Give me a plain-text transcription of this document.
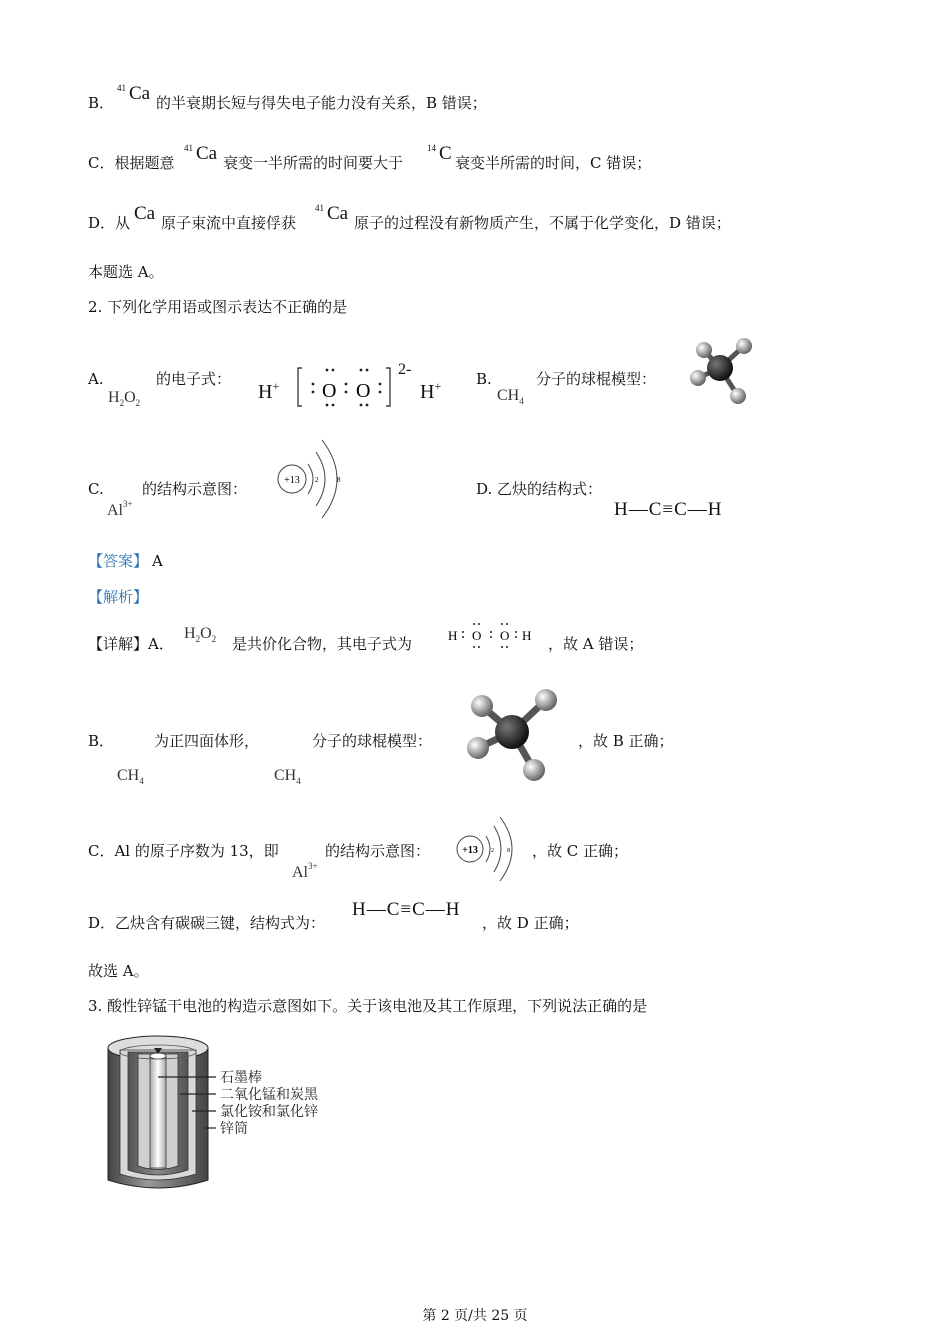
B．
41 Ca 的半衰期长短与得失电子能力没有关系，B 错误；
C．根据题意
41 Ca 衰变一半所需的时间要大于
14 C 衰变半所需的时间，C 错误；
D．从 Ca 原子束流中直接俘获
41 Ca 原子的过程没有新物质产生，不属于化学变化，D 错误；
本题选 A。
2. 下列化学用语或图示表达不正确的是
A.
$H_2O_2$
的电子式：
H+ O O
2-
H+ B.
$CH_4$
分子的球棍模型：
C.
$Al^{3+}$
的结构示意图：	+13 2	8	D. 乙炔的结构式：
H—C≡C—H
【答案】 A
【解析】
【详解】A．
$H_2O_2$ 是共价化合物，其电子式为	H O O H ，故 A 错误；
B．
$CH_4$
为正四面体形，
$CH_4$
分子的球棍模型：	，故 B 正确；
C．Al 的原子序数为 13，即
$Al^{3+}$
的结构示意图：	+13 2 8 ，故 C 正确；
D．乙炔含有碳碳三键，结构式为：
H—C≡C—H
，故 D 正确；
故选 A。
3. 酸性锌锰干电池的构造示意图如下。关于该电池及其工作原理，下列说法正确的是
石墨棒
二氧化锰和炭黑
氯化铵和氯化锌
锌筒
第 2 页/共 25 页
